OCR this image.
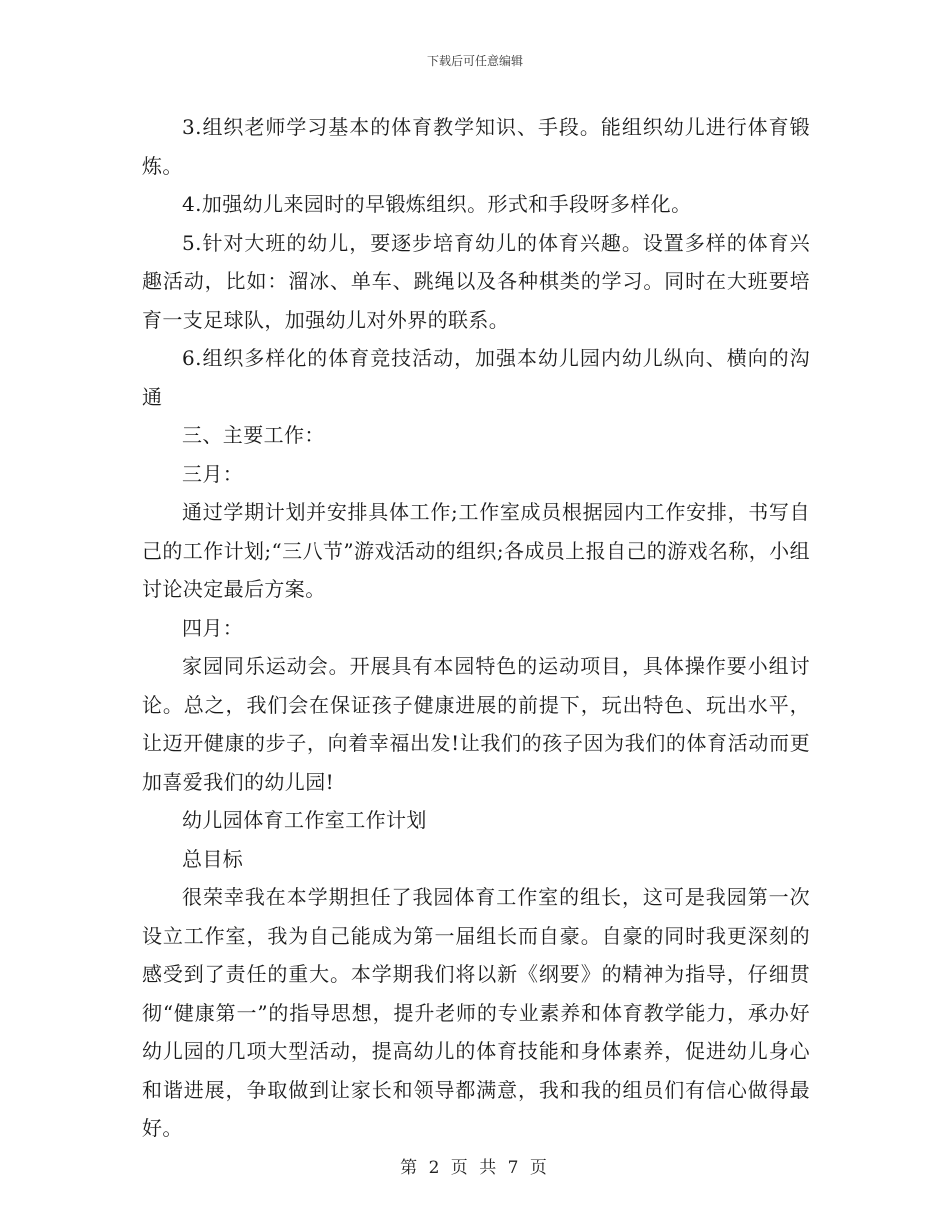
下载后可任意编辑

3.组织老师学习基本的体育教学知识、手段。能组织幼儿进行体育锻炼。

4.加强幼儿来园时的早锻炼组织。形式和手段呀多样化。

5.针对大班的幼儿，要逐步培育幼儿的体育兴趣。设置多样的体育兴趣活动，比如：溜冰、单车、跳绳以及各种棋类的学习。同时在大班要培育一支足球队，加强幼儿对外界的联系。

6.组织多样化的体育竞技活动，加强本幼儿园内幼儿纵向、横向的沟通

三、主要工作：

三月：

通过学期计划并安排具体工作;工作室成员根据园内工作安排，书写自己的工作计划;“三八节”游戏活动的组织;各成员上报自己的游戏名称，小组讨论决定最后方案。

四月：

家园同乐运动会。开展具有本园特色的运动项目，具体操作要小组讨论。总之，我们会在保证孩子健康进展的前提下，玩出特色、玩出水平，让迈开健康的步子，向着幸福出发!让我们的孩子因为我们的体育活动而更加喜爱我们的幼儿园!

幼儿园体育工作室工作计划

总目标

很荣幸我在本学期担任了我园体育工作室的组长，这可是我园第一次设立工作室，我为自己能成为第一届组长而自豪。自豪的同时我更深刻的感受到了责任的重大。本学期我们将以新《纲要》的精神为指导，仔细贯彻“健康第一”的指导思想，提升老师的专业素养和体育教学能力，承办好幼儿园的几项大型活动，提高幼儿的体育技能和身体素养，促进幼儿身心和谐进展，争取做到让家长和领导都满意，我和我的组员们有信心做得最好。

第 2 页 共 7 页
